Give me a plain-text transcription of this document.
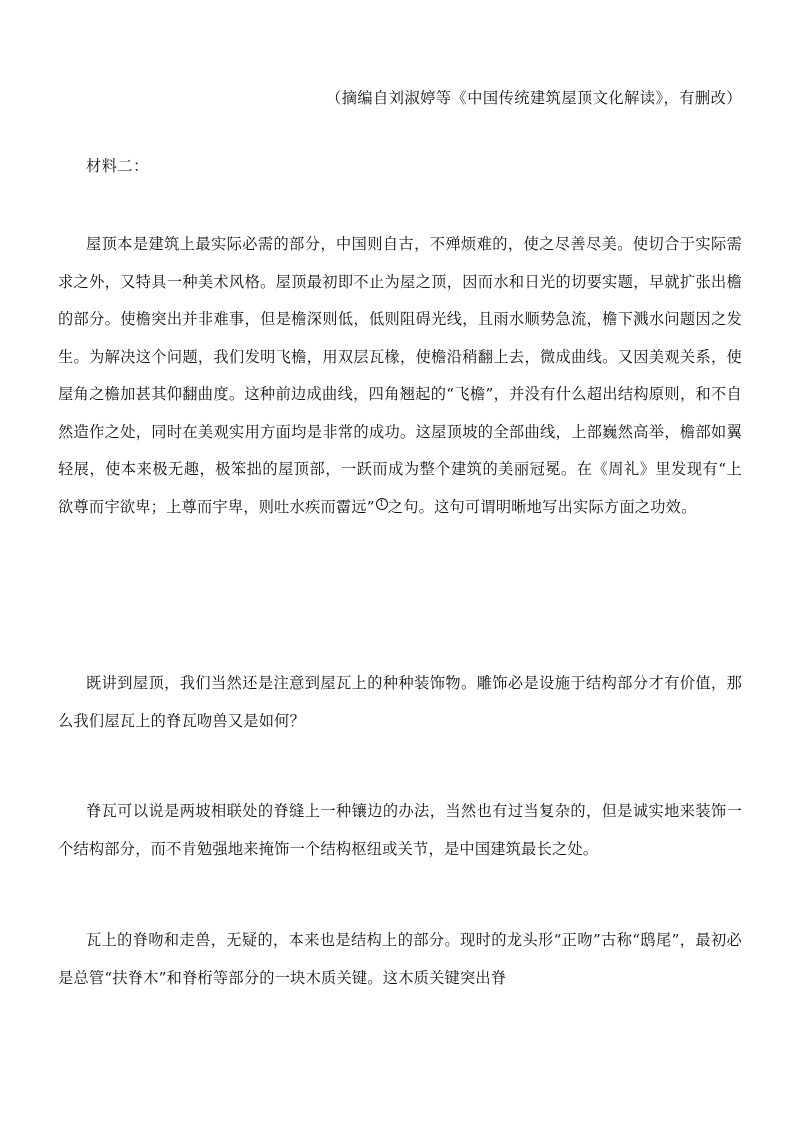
（摘编自刘淑婷等《中国传统建筑屋顶文化解读》，有删改）
材料二：

屋顶本是建筑上最实际必需的部分，中国则自古，不殚烦难的，使之尽善尽美。使切合于实际需求之外，又特具一种美术风格。屋顶最初即不止为屋之顶，因而水和日光的切要实题，早就扩张出檐的部分。使檐突出并非难事，但是檐深则低，低则阻碍光线，且雨水顺势急流，檐下溅水问题因之发生。为解决这个问题，我们发明飞檐，用双层瓦椽，使檐沿稍翻上去，微成曲线。又因美观关系，使屋角之檐加甚其仰翻曲度。这种前边成曲线，四角翘起的“飞檐”，并没有什么超出结构原则，和不自然造作之处，同时在美观实用方面均是非常的成功。这屋顶坡的全部曲线，上部巍然高举，檐部如翼轻展，使本来极无趣，极笨拙的屋顶部，一跃而成为整个建筑的美丽冠冕。在《周礼》里发现有“上欲尊而宇欲卑；上尊而宇卑，则吐水疾而霤远” $^1$ 之句。这句可谓明晰地写出实际方面之功效。

既讲到屋顶，我们当然还是注意到屋瓦上的种种装饰物。雕饰必是设施于结构部分才有价值，那么我们屋瓦上的脊瓦吻兽又是如何？

脊瓦可以说是两坡相联处的脊缝上一种镶边的办法，当然也有过当复杂的，但是诚实地来装饰一个结构部分，而不肯勉强地来掩饰一个结构枢纽或关节，是中国建筑最长之处。

瓦上的脊吻和走兽，无疑的，本来也是结构上的部分。现时的龙头形“正吻”古称“鸱尾”，最初必是总管“扶脊木”和脊桁等部分的一块木质关键。这木质关键突出脊
